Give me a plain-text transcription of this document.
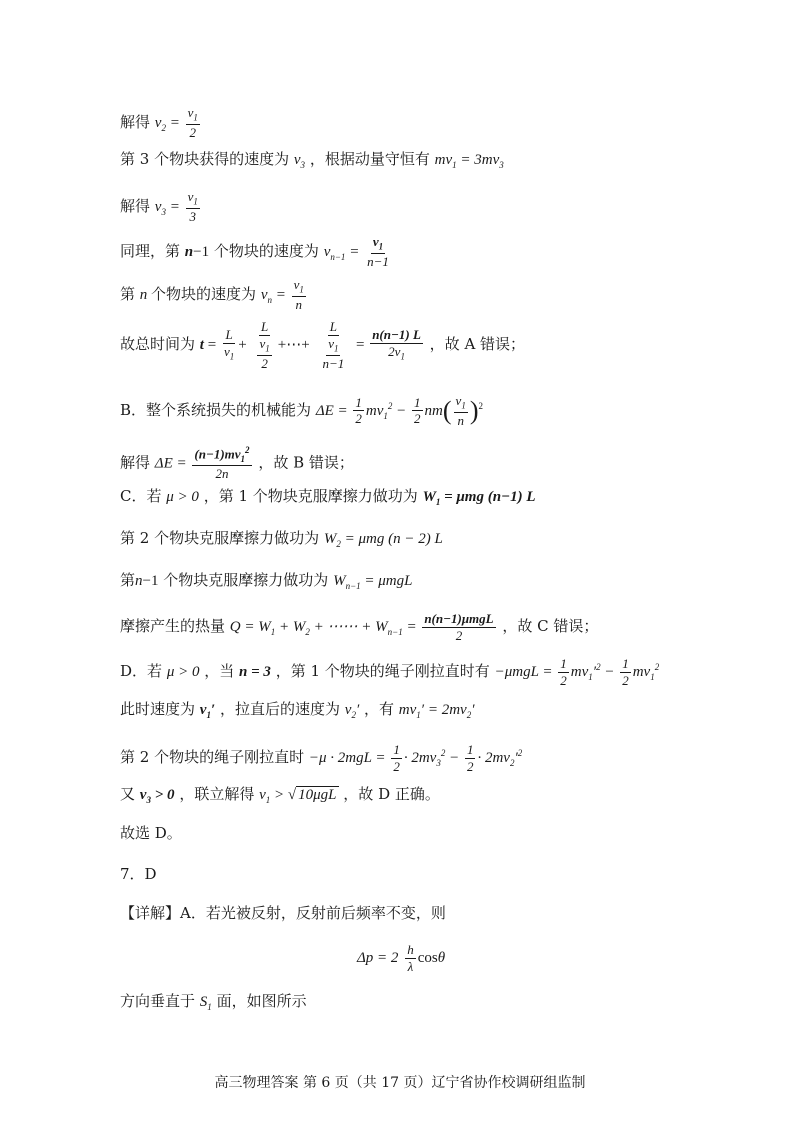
解得 $v_2 = \frac{v_1}{2}$
第 3 个物块获得的速度为 $v_3$ ，根据动量守恒有 $mv_1 = 3mv_3$
解得 $v_3 = \frac{v_1}{3}$
同理，第 n−1 个物块的速度为 $v_{n-1} = \frac{v_1}{n-1}$
第 n 个物块的速度为 $v_n = \frac{v_1}{n}$
故总时间为 $t = \frac{L}{v_1} + \frac{L}{\frac{v_1}{2}}$ +⋯+ $\frac{L}{\frac{v_1}{n-1}} = \frac{n(n-1) L}{2v_1}$ ，故 A 错误；
B．整个系统损失的机械能为 $\Delta E = \frac{1}{2} mv_1^2 - \frac{1}{2} nm( \frac{v_1}{n} )^2$
解得 $\Delta E = \frac{(n-1)mv_1^2}{2n}$ ，故 B 错误；
C．若 μ > 0 ，第 1 个物块克服摩擦力做功为 $W_1 = \mu mg$ (n−1) L
第 2 个物块克服摩擦力做功为 $W_2 = \mu mg$ (n − 2) L
第n−1 个物块克服摩擦力做功为 $W_{n-1} = \mu mgL$
摩擦产生的热量 $Q = W_1 + W_2$ + ⋯⋯ + $W_{n-1} = \frac{\text{n(n−1)μmgL}}{2}$ ，故 C 错误；
D．若 μ > 0 ，当 n = 3 ，第 1 个物块的绳子刚拉直时有 $-\mu mgL = \frac{1}{2} mv_1'^2 - \frac{1}{2} mv_1^2$
此时速度为 $v_1'$ ，拉直后的速度为 $v_2'$ ，有 $mv_1' = 2mv_2'$
第 2 个物块的绳子刚拉直时 $-\mu \cdot 2mgL = \frac{1}{2} \cdot 2mv_3^2 - \frac{1}{2} \cdot 2mv_2'^2$
又 $v_3 > 0$ ，联立解得 $v_1$ > √ 10μgL ，故 D 正确。
故选 D。
7．D
【详解】A．若光被反射，反射前后频率不变，则
$\Delta p = 2 \frac{h}{\lambda}$ cosθ
方向垂直于 $S_1$ 面，如图所示
高三物理答案 第 6 页（共 17 页）辽宁省协作校调研组监制
